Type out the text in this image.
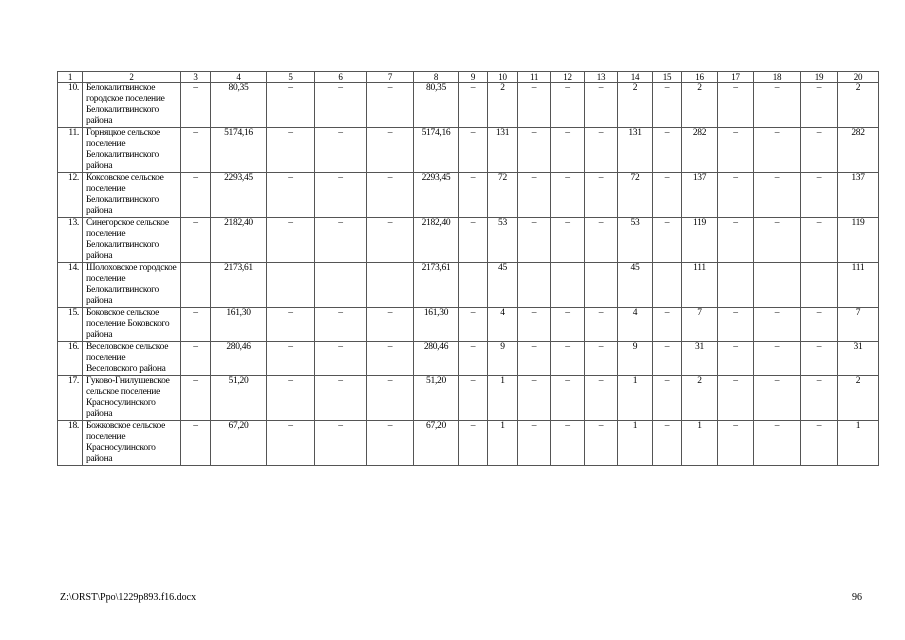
1	2	3	4	5	6	7	8	9	10	11	12	13	14	15	16	17	18	19	20
10.	Белокалитвинское городское поселение Белокалитвинского района	–	80,35	–	–	–	80,35	–	2	–	–	–	2	–	2	–	–	–	2
11.	Горняцкое сельское поселение Белокалитвинского района	–	5174,16	–	–	–	5174,16	–	131	–	–	–	131	–	282	–	–	–	282
12.	Коксовское сельское поселение Белокалитвинского района	–	2293,45	–	–	–	2293,45	–	72	–	–	–	72	–	137	–	–	–	137
13.	Синегорское сельское поселение Белокалитвинского района	–	2182,40	–	–	–	2182,40	–	53	–	–	–	53	–	119	–	–	–	119
14.	Шолоховское городское поселение Белокалитвинского района		2173,61				2173,61		45				45		111				111
15.	Боковское сельское поселение Боковского района	–	161,30	–	–	–	161,30	–	4	–	–	–	4	–	7	–	–	–	7
16.	Веселовское сельское поселение Веселовского района	–	280,46	–	–	–	280,46	–	9	–	–	–	9	–	31	–	–	–	31
17.	Гуково-Гнилушевское сельское поселение Красносулинского района	–	51,20	–	–	–	51,20	–	1	–	–	–	1	–	2	–	–	–	2
18.	Божковское сельское поселение Красносулинского района	–	67,20	–	–	–	67,20	–	1	–	–	–	1	–	1	–	–	–	1
Z:\ORST\Ppo\1229p893.f16.docx	96
